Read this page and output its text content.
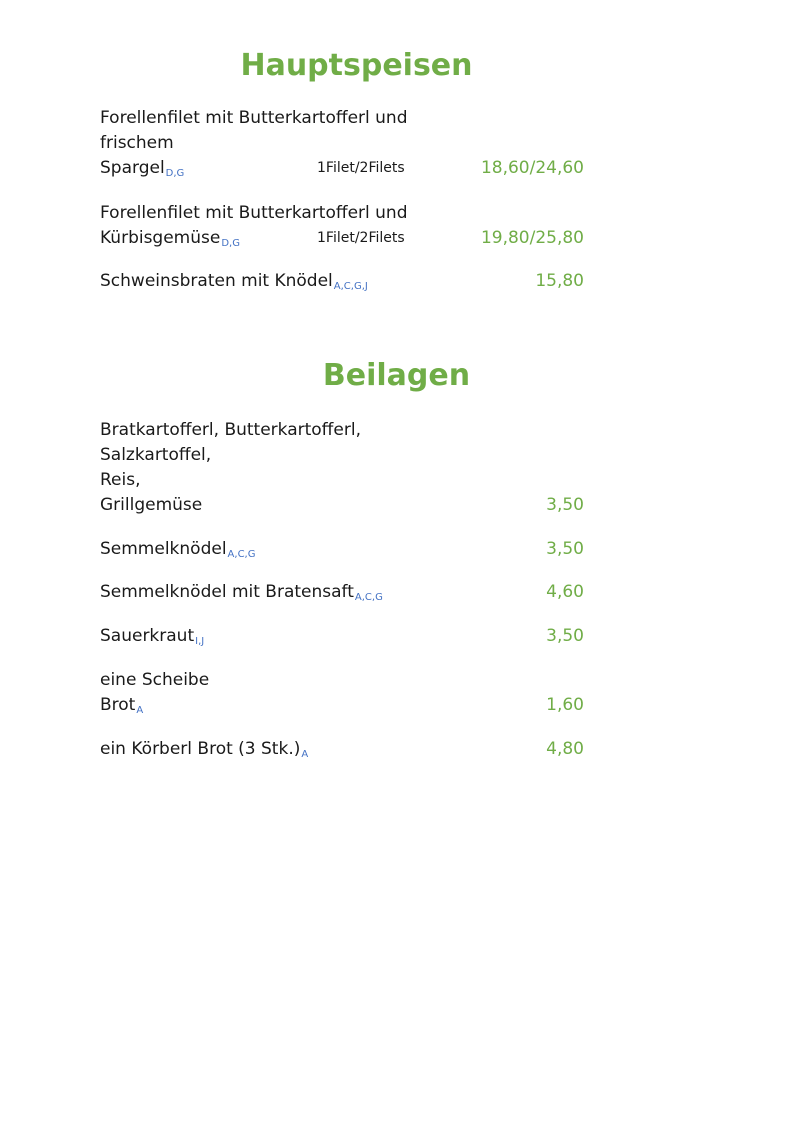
Hauptspeisen
Forellenfilet mit Butterkartofferl und
frischem
SpargelD,G	1Filet/2Filets	18,60/24,60
Forellenfilet mit Butterkartofferl und
KürbisgemüseD,G	1Filet/2Filets	19,80/25,80
Schweinsbraten mit KnödelA,C,G,J	15,80
Beilagen
Bratkartofferl, Butterkartofferl,
Salzkartoffel,
Reis,
Grillgemüse	3,50
SemmelknödelA,C,G	3,50
Semmelknödel mit BratensaftA,C,G	4,60
SauerkrautI,J	3,50
eine Scheibe
BrotA	1,60
ein Körberl Brot (3 Stk.)A	4,80
